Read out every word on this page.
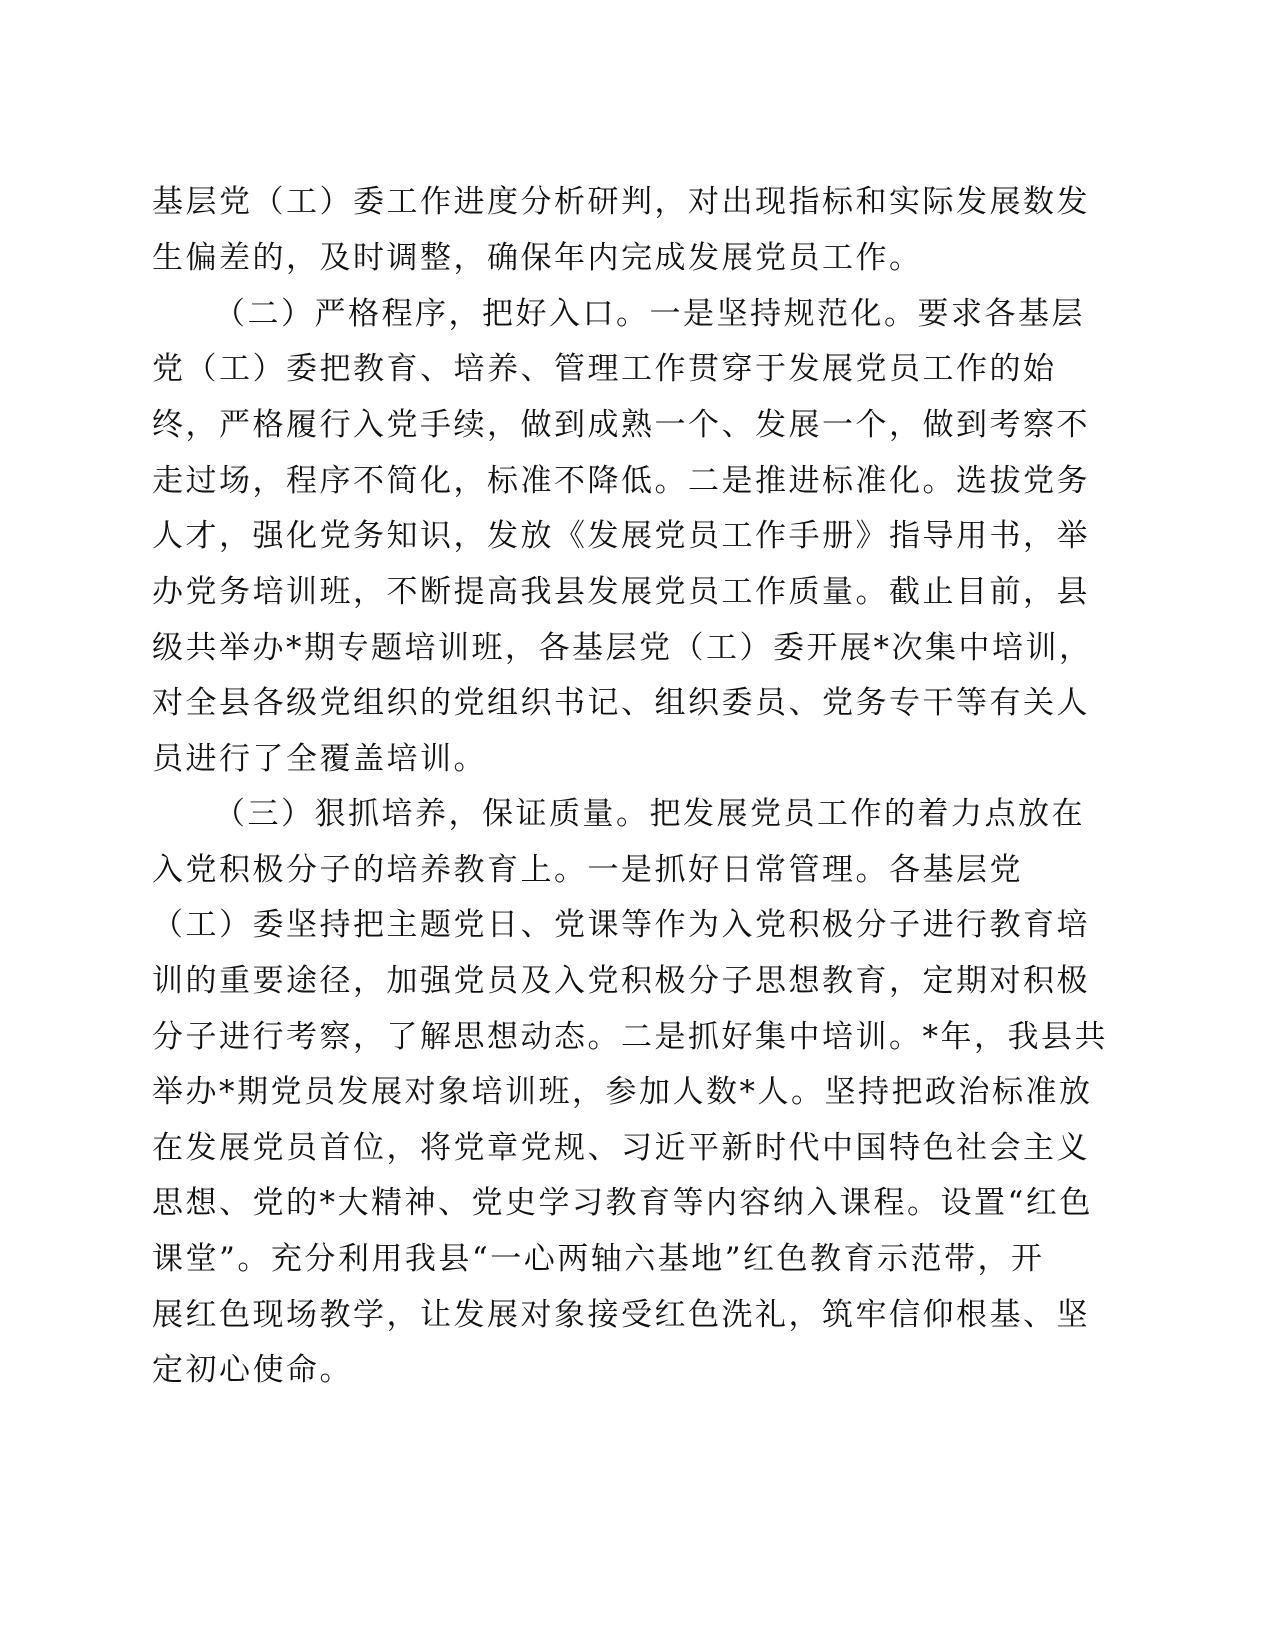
基层党（工）委工作进度分析研判，对出现指标和实际发展数发

生偏差的，及时调整，确保年内完成发展党员工作。

（二）严格程序，把好入口。一是坚持规范化。要求各基层

党（工）委把教育、培养、管理工作贯穿于发展党员工作的始

终，严格履行入党手续，做到成熟一个、发展一个，做到考察不

走过场，程序不简化，标准不降低。二是推进标准化。选拔党务

人才，强化党务知识，发放《发展党员工作手册》指导用书，举

办党务培训班，不断提高我县发展党员工作质量。截止目前，县

级共举办*期专题培训班，各基层党（工）委开展*次集中培训，

对全县各级党组织的党组织书记、组织委员、党务专干等有关人

员进行了全覆盖培训。

（三）狠抓培养，保证质量。把发展党员工作的着力点放在

入党积极分子的培养教育上。一是抓好日常管理。各基层党

（工）委坚持把主题党日、党课等作为入党积极分子进行教育培

训的重要途径，加强党员及入党积极分子思想教育，定期对积极

分子进行考察，了解思想动态。二是抓好集中培训。*年，我县共

举办*期党员发展对象培训班，参加人数*人。坚持把政治标准放

在发展党员首位，将党章党规、习近平新时代中国特色社会主义

思想、党的*大精神、党史学习教育等内容纳入课程。设置“红色

课堂”。充分利用我县“一心两轴六基地”红色教育示范带，开

展红色现场教学，让发展对象接受红色洗礼，筑牢信仰根基、坚

定初心使命。
